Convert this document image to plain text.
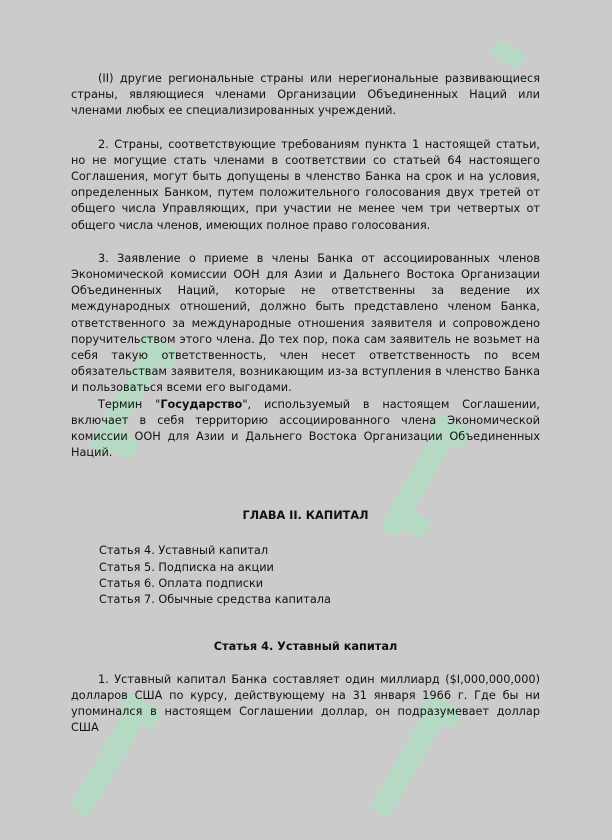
(II) другие региональные страны или нерегиональные развивающиеся страны, являющиеся членами Организации Объединенных Наций или членами любых ее специализированных учреждений.

2. Страны, соответствующие требованиям пункта 1 настоящей статьи, но не могущие стать членами в соответствии со статьей 64 настоящего Соглашения, могут быть допущены в членство Банка на срок и на условия, определенных Банком, путем положительного голосования двух третей от общего числа Управляющих, при участии не менее чем три четвертых от общего числа членов, имеющих полное право голосования.

3. Заявление о приеме в члены Банка от ассоциированных членов Экономической комиссии ООН для Азии и Дальнего Востока Организации Объединенных Наций, которые не ответственны за ведение их международных отношений, должно быть представлено членом Банка, ответственного за международные отношения заявителя и сопровождено поручительством этого члена. До тех пор, пока сам заявитель не возьмет на себя такую ответственность, член несет ответственность по всем обязательствам заявителя, возникающим из-за вступления в членство Банка и пользоваться всеми его выгодами.

Термин "Государство", используемый в настоящем Соглашении, включает в себя территорию ассоциированного члена Экономической комиссии ООН для Азии и Дальнего Востока Организации Объединенных Наций.

ГЛАВА II. КАПИТАЛ
Статья 4. Уставный капитал
Статья 5. Подписка на акции
Статья 6. Оплата подписки
Статья 7. Обычные средства капитала
Статья 4. Уставный капитал

1. Уставный капитал Банка составляет один миллиард ($I,000,000,000) долларов США по курсу, действующему на 31 января 1966 г. Где бы ни упоминался в настоящем Соглашении доллар, он подразумевает доллар США
